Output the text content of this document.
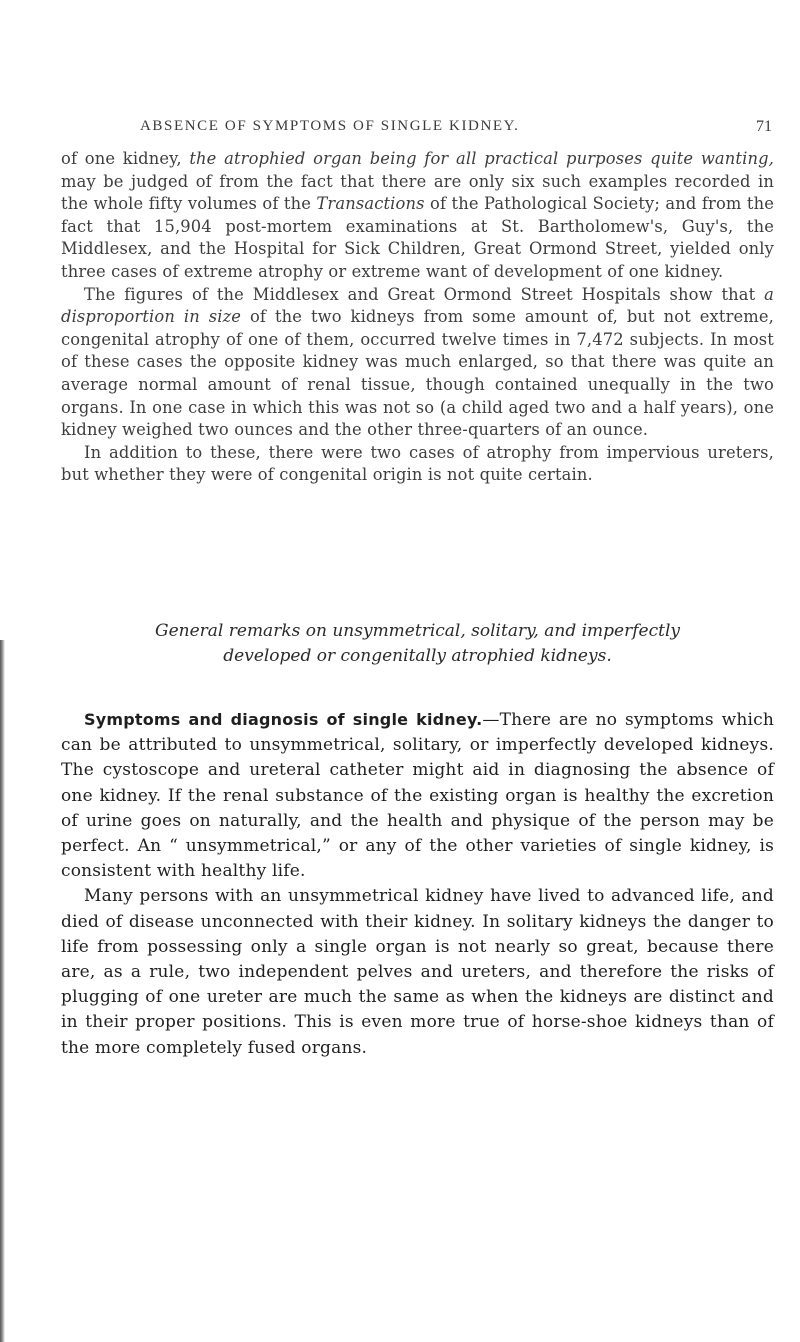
ABSENCE OF SYMPTOMS OF SINGLE KIDNEY.	71

of one kidney, the atrophied organ being for all practical purposes quite wanting, may be judged of from the fact that there are only six such examples recorded in the whole fifty volumes of the Transactions of the Pathological Society; and from the fact that 15,904 post-mortem examinations at St. Bartholomew's, Guy's, the Middlesex, and the Hospital for Sick Children, Great Ormond Street, yielded only three cases of extreme atrophy or extreme want of development of one kidney.

The figures of the Middlesex and Great Ormond Street Hospitals show that a disproportion in size of the two kidneys from some amount of, but not extreme, congenital atrophy of one of them, occurred twelve times in 7,472 subjects. In most of these cases the opposite kidney was much enlarged, so that there was quite an average normal amount of renal tissue, though contained unequally in the two organs. In one case in which this was not so (a child aged two and a half years), one kidney weighed two ounces and the other three-quarters of an ounce.

In addition to these, there were two cases of atrophy from impervious ureters, but whether they were of congenital origin is not quite certain.

General remarks on unsymmetrical, solitary, and imperfectly
developed or congenitally atrophied kidneys.

Symptoms and diagnosis of single kidney.—There are no symptoms which can be attributed to unsymmetrical, solitary, or imperfectly developed kidneys. The cystoscope and ureteral catheter might aid in diagnosing the absence of one kidney. If the renal substance of the existing organ is healthy the excretion of urine goes on naturally, and the health and physique of the person may be perfect. An “ unsymmetrical,” or any of the other varieties of single kidney, is consistent with healthy life.

Many persons with an unsymmetrical kidney have lived to advanced life, and died of disease unconnected with their kidney. In solitary kidneys the danger to life from possessing only a single organ is not nearly so great, because there are, as a rule, two independent pelves and ureters, and therefore the risks of plugging of one ureter are much the same as when the kidneys are distinct and in their proper positions. This is even more true of horse-shoe kidneys than of the more completely fused organs.
